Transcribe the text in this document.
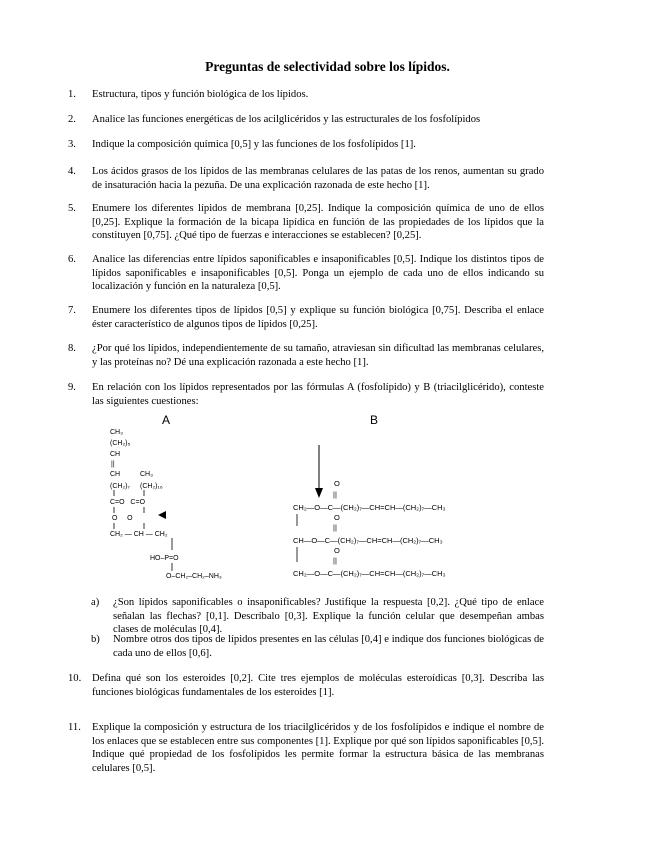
Preguntas de selectividad sobre los lípidos.
1. Estructura, tipos y función biológica de los lípidos.
2. Analice las funciones energéticas de los acilglicéridos y las estructurales de los fosfolípidos
3. Indique la composición química [0,5] y las funciones de los fosfolípidos [1].
4. Los ácidos grasos de los lípidos de las membranas celulares de las patas de los renos, aumentan su grado de insaturación hacia la pezuña. De una explicación razonada de este hecho [1].
5. Enumere los diferentes lípidos de membrana [0,25]. Indique la composición química de uno de ellos [0,25]. Explique la formación de la bicapa lipídica en función de las propiedades de los lípidos que la constituyen [0,75]. ¿Qué tipo de fuerzas e interacciones se establecen? [0,25].
6. Analice las diferencias entre lípidos saponificables e insaponificables [0,5]. Indique los distintos tipos de lípidos saponificables e insaponificables [0,5]. Ponga un ejemplo de cada uno de ellos indicando su localización y función en la naturaleza [0,5].
7. Enumere los diferentes tipos de lípidos [0,5] y explique su función biológica [0,75]. Describa el enlace éster característico de algunos tipos de lípidos [0,25].
8. ¿Por qué los lípidos, independientemente de su tamaño, atraviesan sin dificultad las membranas celulares, y las proteínas no? Dé una explicación razonada a este hecho [1].
9. En relación con los lípidos representados por las fórmulas A (fosfolípido) y B (triacilglicérido), conteste las siguientes cuestiones:
A	B
CH₃
(CH₂)₅
CH
||
CH
(CH₂)₇
CH₃
(CH₂)₁₆
C=O   C=O
O     O
CH₂ — CH — CH₂
HO–P=O
O–CH₂–CH₂–NH₃
O
||
CH₂—O—C—(CH₂)₇—CH=CH—(CH₂)₇—CH₃
O
||
CH—O—C—(CH₂)₇—CH=CH—(CH₂)₇—CH₃
O
||
CH₂—O—C—(CH₂)₇—CH=CH—(CH₂)₇—CH₃
a) ¿Son lípidos saponificables o insaponificables? Justifique la respuesta [0,2]. ¿Qué tipo de enlace señalan las flechas? [0,1]. Descríbalo [0,3]. Explique la función celular que desempeñan ambas clases de moléculas [0,4].
b) Nombre otros dos tipos de lípidos presentes en las células [0,4] e indique dos funciones biológicas de cada uno de ellos [0,6].
10. Defina qué son los esteroides [0,2]. Cite tres ejemplos de moléculas esteroídicas [0,3]. Describa las funciones biológicas fundamentales de los esteroides [1].
11. Explique la composición y estructura de los triacilglicéridos y de los fosfolípidos e indique el nombre de los enlaces que se establecen entre sus componentes [1]. Explique por qué son lípidos saponificables [0,5]. Indique qué propiedad de los fosfolípidos les permite formar la estructura básica de las membranas celulares [0,5].
